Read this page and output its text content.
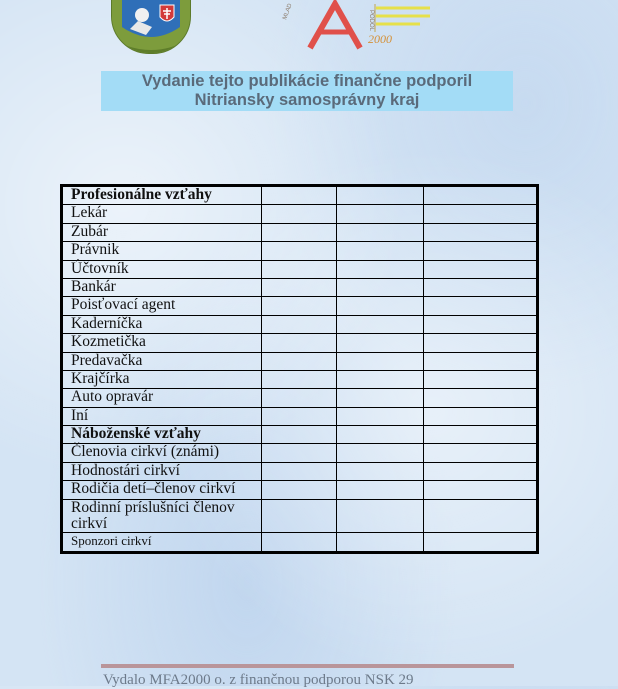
MLAD	PODOL
2000
Vydanie tejto publikácie finančne podporil
Nitriansky samosprávny kraj
Profesionálne vzťahy			
Lekár			
Zubár			
Právnik			
Účtovník			
Bankár			
Poisťovací agent			
Kaderníčka			
Kozmetička			
Predavačka			
Krajčírka			
Auto opravár			
Iní			
Náboženské vzťahy			
Členovia cirkví (známi)			
Hodnostári cirkví			
Rodičia detí–členov cirkví			
Rodinní príslušníci členov cirkví			
Sponzori cirkví			
Vydalo MFA2000 o. z finančnou podporou NSK 29
